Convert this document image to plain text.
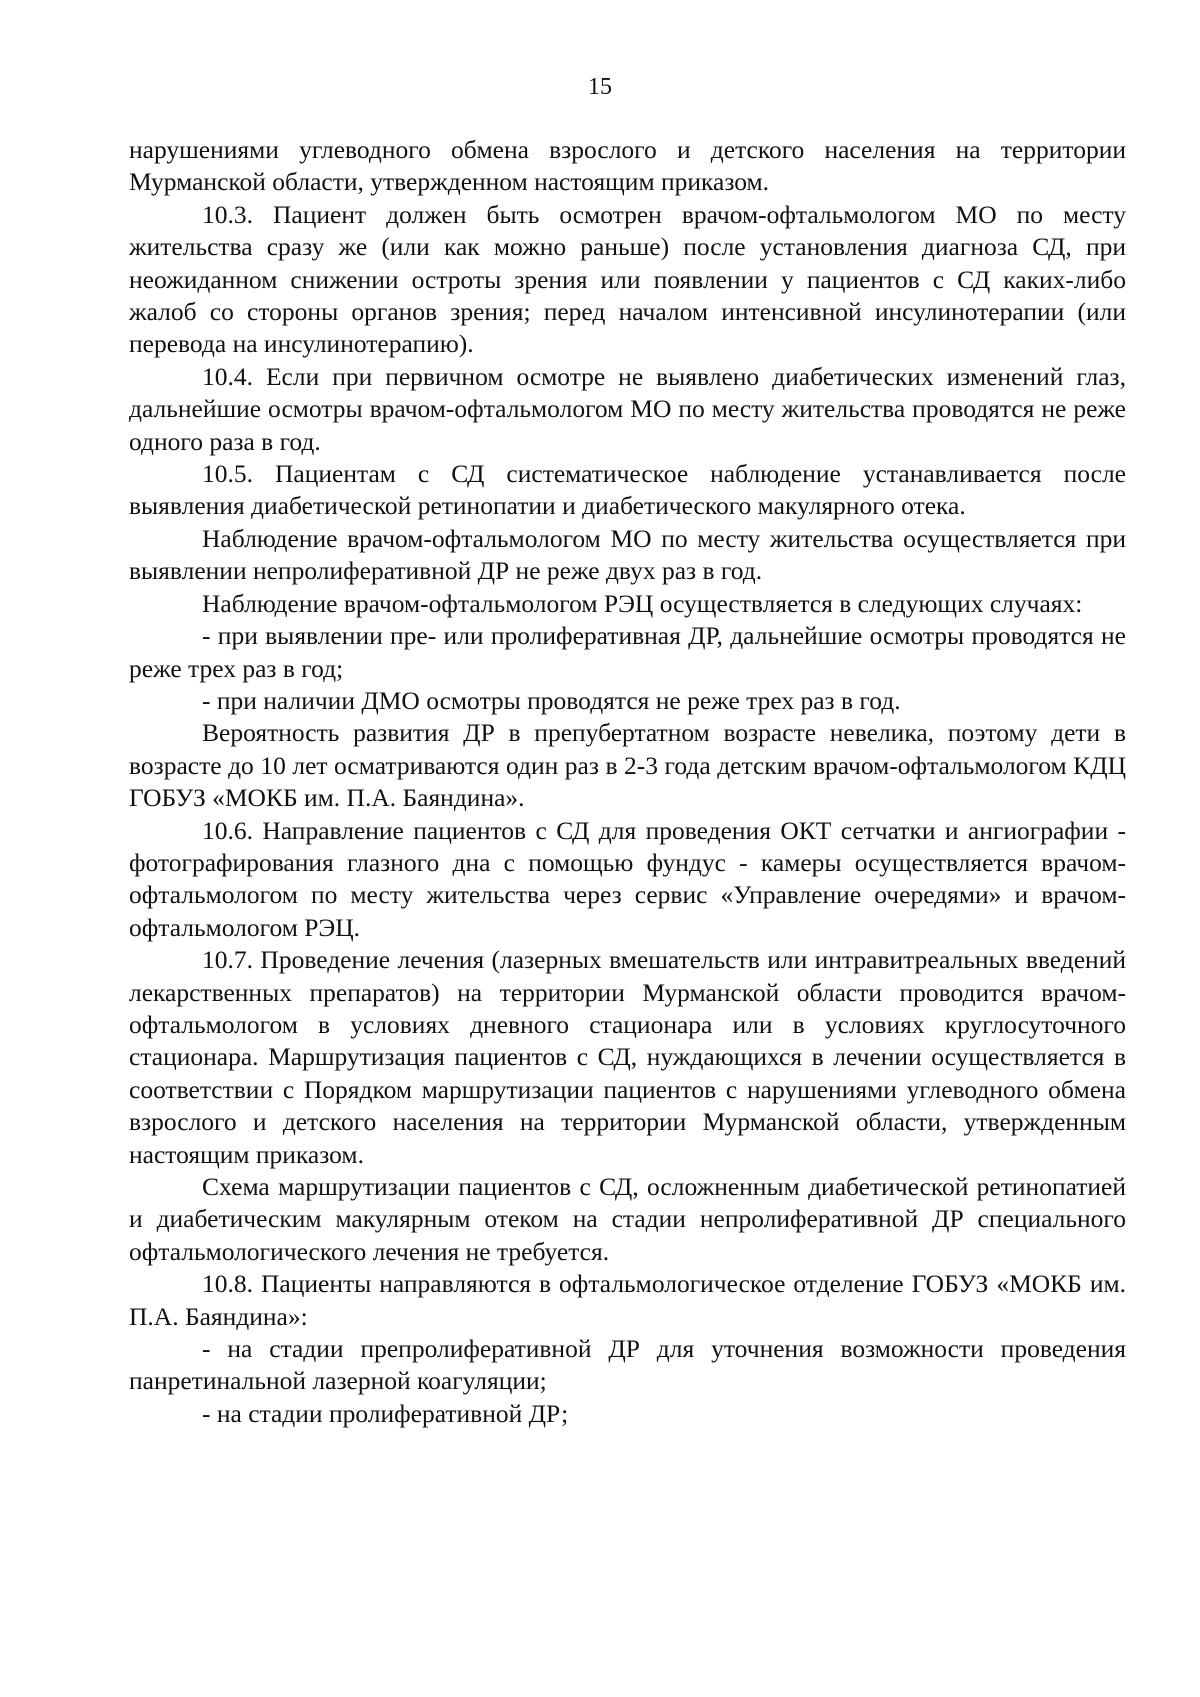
15

нарушениями углеводного обмена взрослого и детского населения на территории Мурманской области, утвержденном настоящим приказом.

10.3. Пациент должен быть осмотрен врачом-офтальмологом МО по месту жительства сразу же (или как можно раньше) после установления диагноза СД, при неожиданном снижении остроты зрения или появлении у пациентов с СД каких-либо жалоб со стороны органов зрения; перед началом интенсивной инсулинотерапии (или перевода на инсулинотерапию).

10.4. Если при первичном осмотре не выявлено диабетических изменений глаз, дальнейшие осмотры врачом-офтальмологом МО по месту жительства проводятся не реже одного раза в год.

10.5. Пациентам с СД систематическое наблюдение устанавливается после выявления диабетической ретинопатии и диабетического макулярного отека.

Наблюдение врачом-офтальмологом МО по месту жительства осуществляется при выявлении непролиферативной ДР не реже двух раз в год.

Наблюдение врачом-офтальмологом РЭЦ осуществляется в следующих случаях:

- при выявлении пре- или пролиферативная ДР, дальнейшие осмотры проводятся не реже трех раз в год;

- при наличии ДМО осмотры проводятся не реже трех раз в год.

Вероятность развития ДР в препубертатном возрасте невелика, поэтому дети в возрасте до 10 лет осматриваются один раз в 2-3 года детским врачом-офтальмологом КДЦ ГОБУЗ «МОКБ им. П.А. Баяндина».

10.6. Направление пациентов с СД для проведения ОКТ сетчатки и ангиографии - фотографирования глазного дна с помощью фундус - камеры осуществляется врачом-офтальмологом по месту жительства через сервис «Управление очередями» и врачом-офтальмологом РЭЦ.

10.7. Проведение лечения (лазерных вмешательств или интравитреальных введений лекарственных препаратов) на территории Мурманской области проводится врачом-офтальмологом в условиях дневного стационара или в условиях круглосуточного стационара. Маршрутизация пациентов с СД, нуждающихся в лечении осуществляется в соответствии с Порядком маршрутизации пациентов с нарушениями углеводного обмена взрослого и детского населения на территории Мурманской области, утвержденным настоящим приказом.

Схема маршрутизации пациентов с СД, осложненным диабетической ретинопатией и диабетическим макулярным отеком на стадии непролиферативной ДР специального офтальмологического лечения не требуется.

10.8. Пациенты направляются в офтальмологическое отделение ГОБУЗ «МОКБ им. П.А. Баяндина»:

- на стадии препролиферативной ДР для уточнения возможности проведения панретинальной лазерной коагуляции;

- на стадии пролиферативной ДР;
